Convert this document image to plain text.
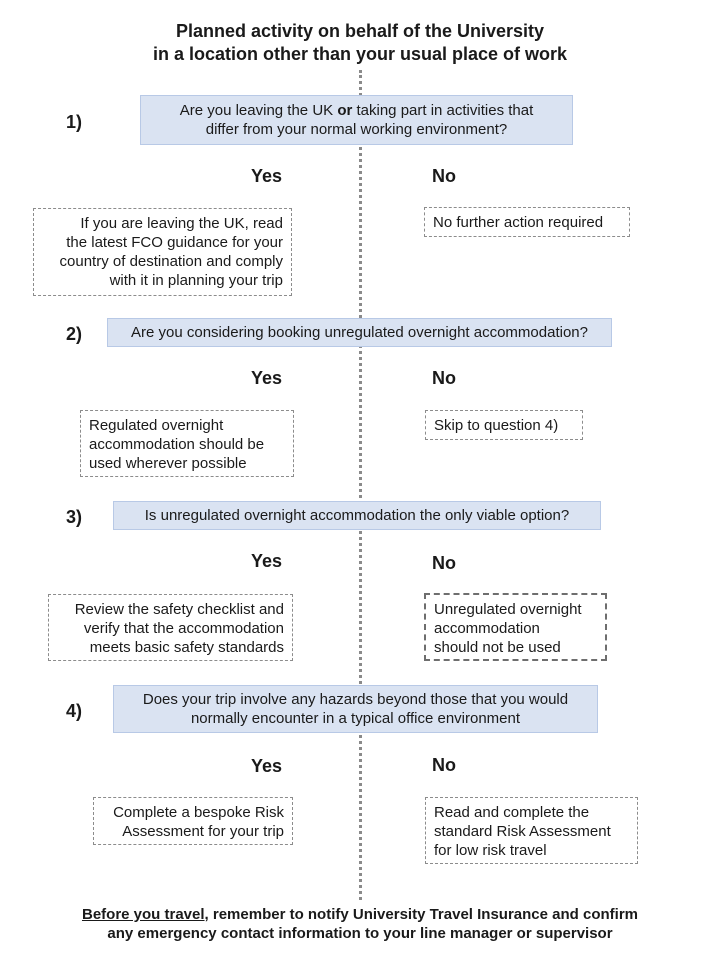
Planned activity on behalf of the University
in a location other than your usual place of work
1)
Are you leaving the UK or taking part in activities that
differ from your normal working environment?
Yes	No
If you are leaving the UK, read
the latest FCO guidance for your
country of destination and comply
with it in planning your trip
No further action required
2)	Are you considering booking unregulated overnight accommodation?
Yes	No
Regulated overnight
accommodation should be
used wherever possible
Skip to question 4)
3)	Is unregulated overnight accommodation the only viable option?
Yes	No
Review the safety checklist and
verify that the accommodation
meets basic safety standards
Unregulated overnight
accommodation
should not be used
4)
Does your trip involve any hazards beyond those that you would
normally encounter in a typical office environment
Yes	No
Complete a bespoke Risk
Assessment for your trip
Read and complete the
standard Risk Assessment
for low risk travel
Before you travel, remember to notify University Travel Insurance and confirm
any emergency contact information to your line manager or supervisor
